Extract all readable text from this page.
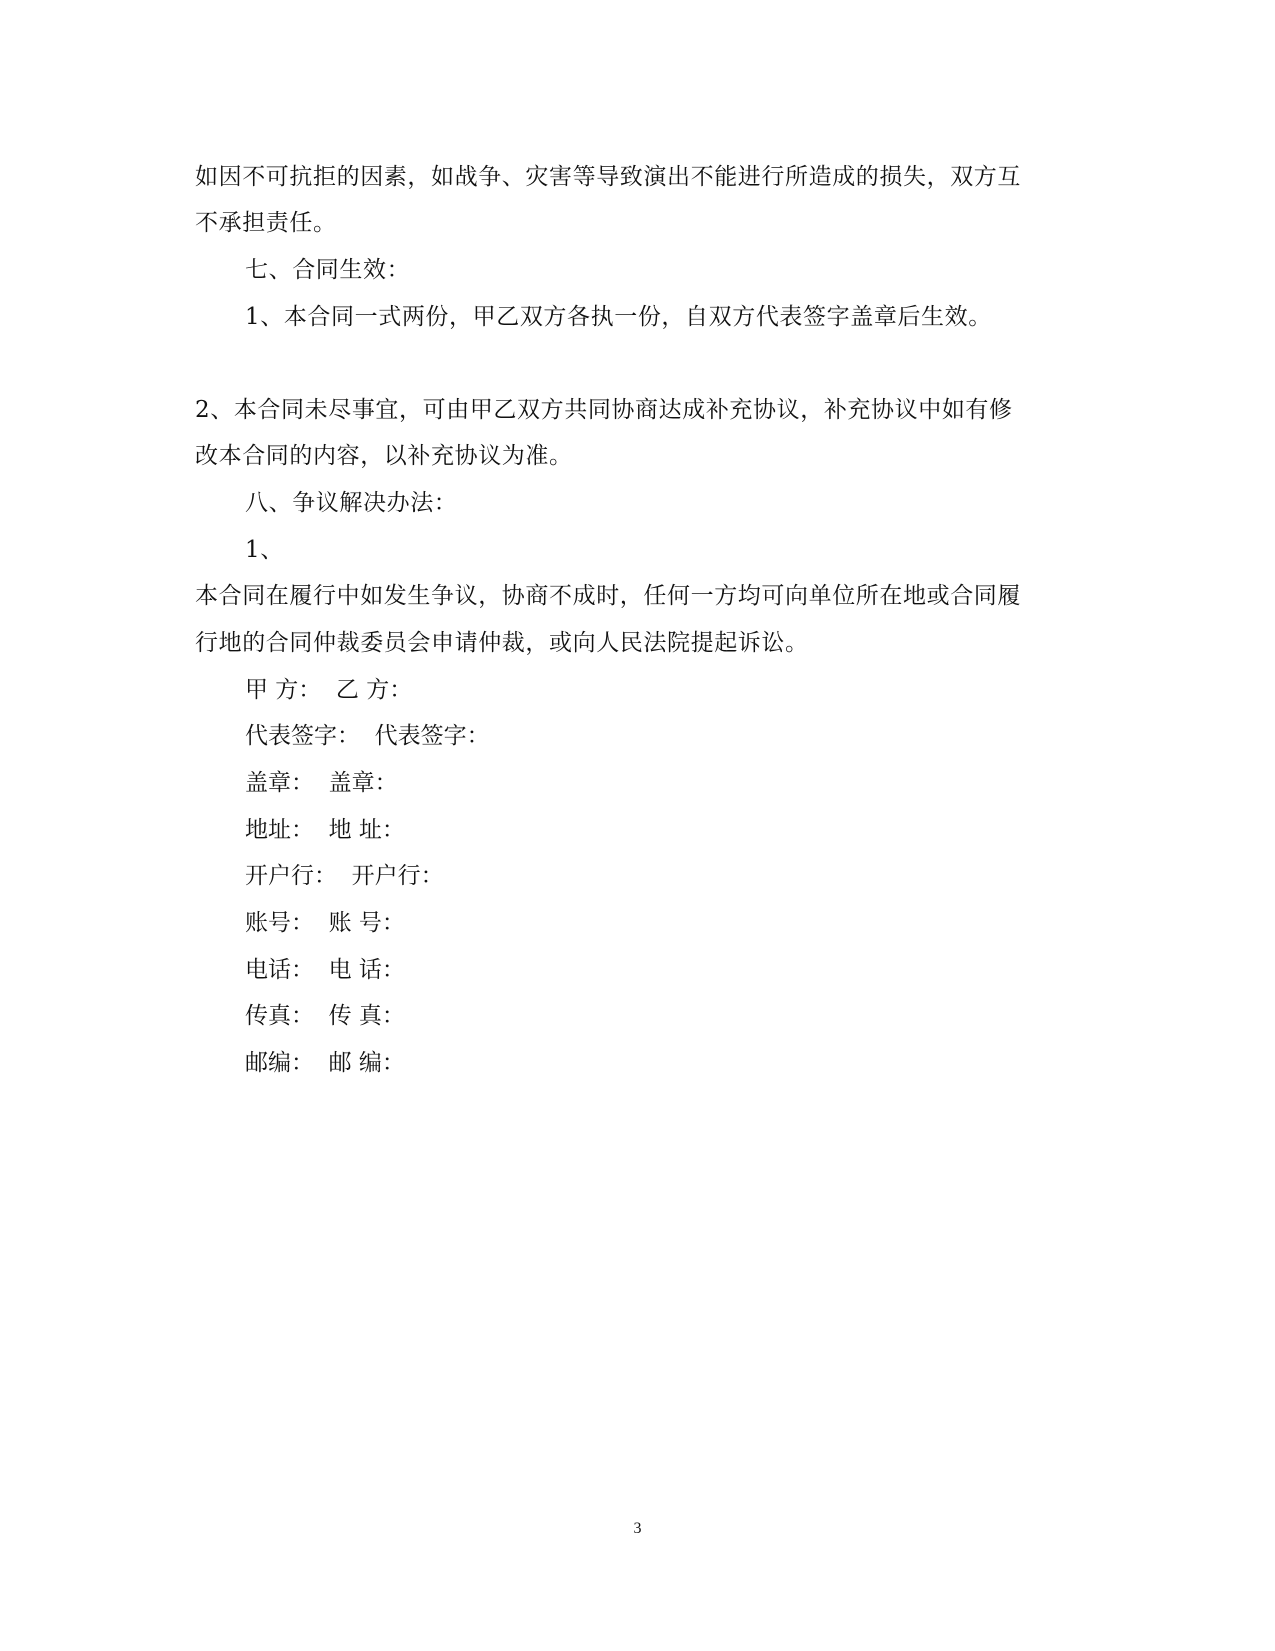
如因不可抗拒的因素，如战争、灾害等导致演出不能进行所造成的损失，双方互
不承担责任。
七、合同生效：
1、本合同一式两份，甲乙双方各执一份，自双方代表签字盖章后生效。
2、本合同未尽事宜，可由甲乙双方共同协商达成补充协议，补充协议中如有修
改本合同的内容，以补充协议为准。
八、争议解决办法：
1、
本合同在履行中如发生争议，协商不成时，任何一方均可向单位所在地或合同履
行地的合同仲裁委员会申请仲裁，或向人民法院提起诉讼。
甲 方：  乙 方：
代表签字：  代表签字：
盖章：  盖章：
地址：  地 址：
开户行：  开户行：
账号：  账 号：
电话：  电 话：
传真：  传 真：
邮编：  邮 编：
3
